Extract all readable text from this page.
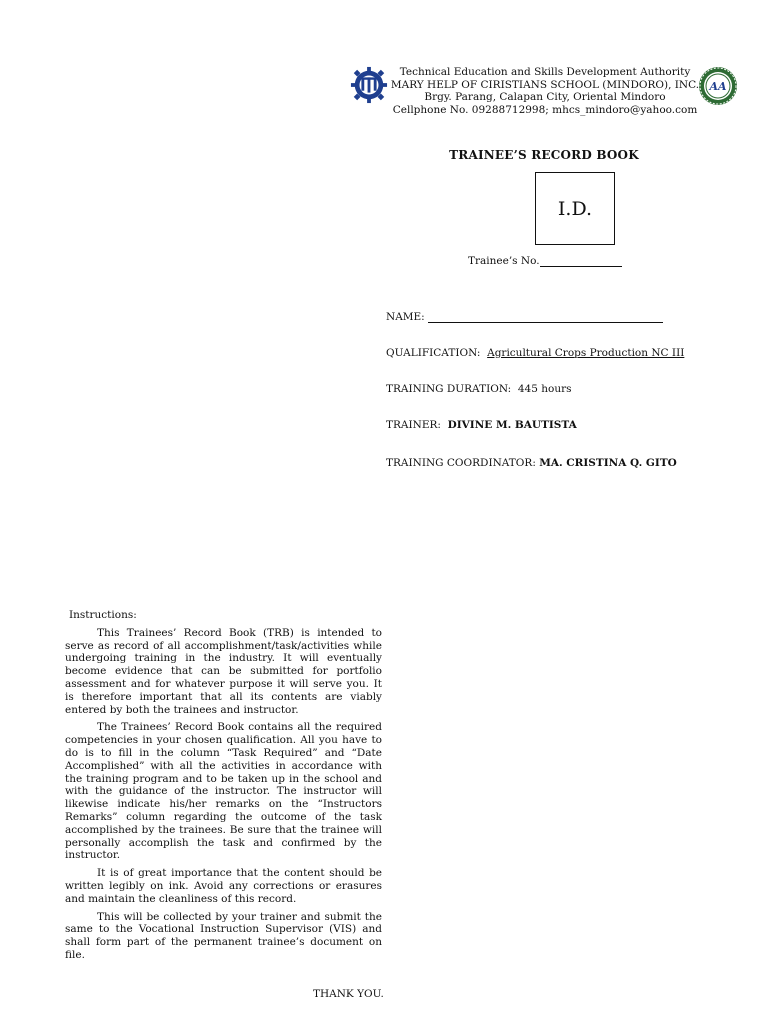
Technical Education and Skills Development Authority
MARY HELP OF CIRISTIANS SCHOOL (MINDORO), INC.
Brgy. Parang, Calapan City, Oriental Mindoro
Cellphone No. 09288712998; mhcs_mindoro@yahoo.com
AA
TRAINEE’S RECORD BOOK
I.D.
Trainee’s No.
NAME:
QUALIFICATION: Agricultural Crops Production NC III
TRAINING DURATION: 445 hours
TRAINER: DIVINE M. BAUTISTA
TRAINING COORDINATOR: MA. CRISTINA Q. GITO
Instructions:

This Trainees’ Record Book (TRB) is intended to serve as record of all accomplishment/task/activities while undergoing training in the industry. It will eventually become evidence that can be submitted for portfolio assessment and for whatever purpose it will serve you. It is therefore important that all its contents are viably entered by both the trainees and instructor.

The Trainees’ Record Book contains all the required competencies in your chosen qualification. All you have to do is to fill in the column “Task Required” and “Date Accomplished” with all the activities in accordance with the training program and to be taken up in the school and with the guidance of the instructor. The instructor will likewise indicate his/her remarks on the “Instructors Remarks” column regarding the outcome of the task accomplished by the trainees. Be sure that the trainee will personally accomplish the task and confirmed by the instructor.

It is of great importance that the content should be written legibly on ink. Avoid any corrections or erasures and maintain the cleanliness of this record.

This will be collected by your trainer and submit the same to the Vocational Instruction Supervisor (VIS) and shall form part of the permanent trainee’s document on file.

THANK YOU.
